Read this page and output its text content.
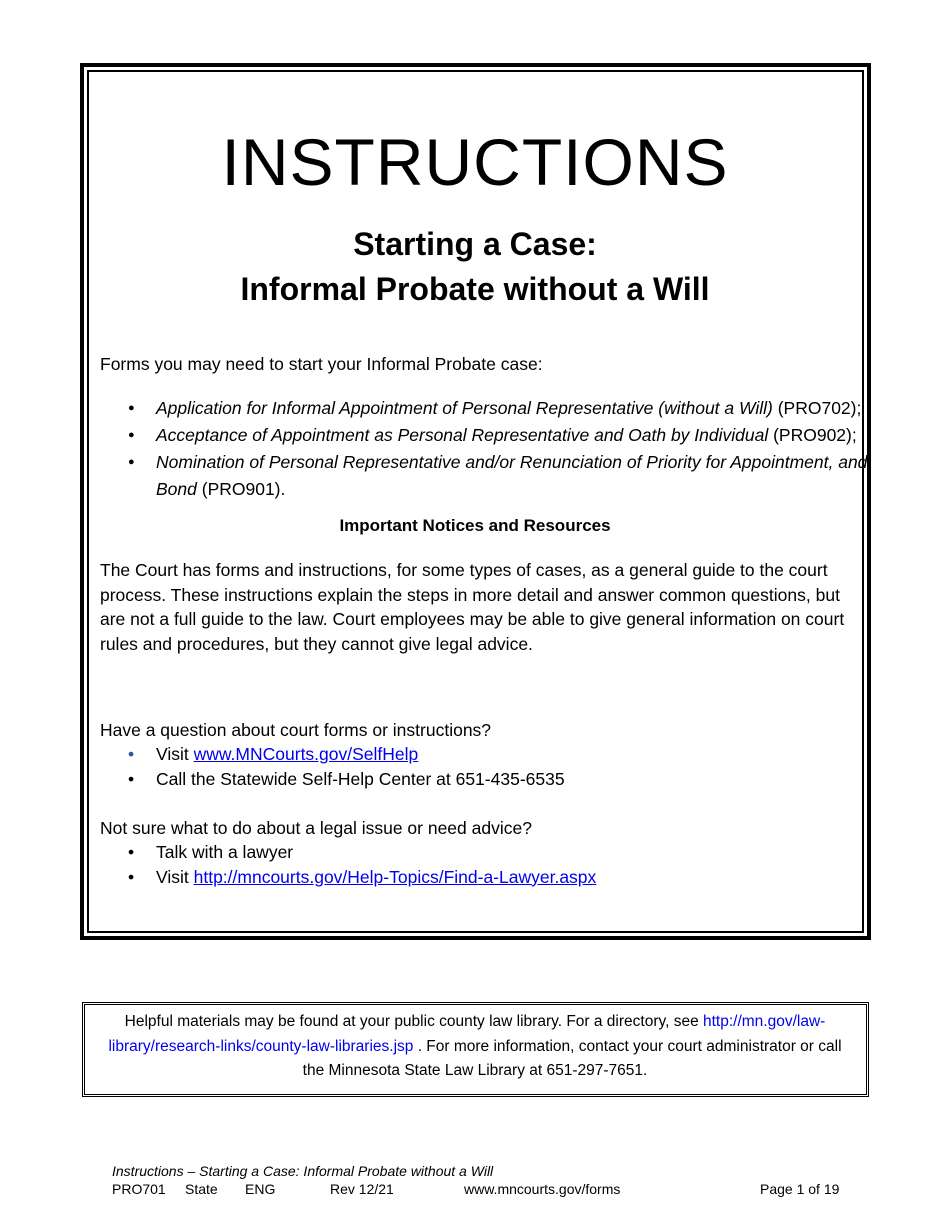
INSTRUCTIONS
Starting a Case:
Informal Probate without a Will
Forms you may need to start your Informal Probate case:
● Application for Informal Appointment of Personal Representative (without a Will) (PRO702);
● Acceptance of Appointment as Personal Representative and Oath by Individual (PRO902);
● Nomination of Personal Representative and/or Renunciation of Priority for Appointment, and Bond (PRO901).
Important Notices and Resources
The Court has forms and instructions, for some types of cases, as a general guide to the court process. These instructions explain the steps in more detail and answer common questions, but are not a full guide to the law. Court employees may be able to give general information on court rules and procedures, but they cannot give legal advice.
Have a question about court forms or instructions?
• Visit www.MNCourts.gov/SelfHelp
• Call the Statewide Self-Help Center at 651-435-6535
Not sure what to do about a legal issue or need advice?
• Talk with a lawyer
• Visit http://mncourts.gov/Help-Topics/Find-a-Lawyer.aspx
Helpful materials may be found at your public county law library. For a directory, see http://mn.gov/law-library/research-links/county-law-libraries.jsp . For more information, contact your court administrator or call the Minnesota State Law Library at 651-297-7651.
Instructions – Starting a Case: Informal Probate without a Will
PRO701 State ENG	Rev 12/21	www.mncourts.gov/forms	Page 1 of 19
